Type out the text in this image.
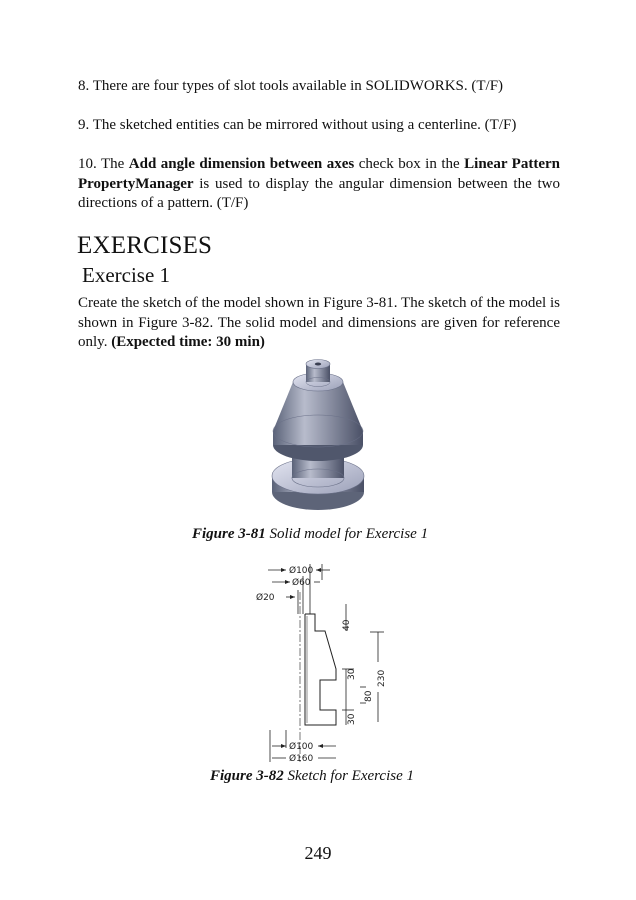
8. There are four types of slot tools available in SOLIDWORKS. (T/F)

9. The sketched entities can be mirrored without using a centerline. (T/F)

10. The Add angle dimension between axes check box in the Linear Pattern PropertyManager is used to display the angular dimension between the two directions of a pattern. (T/F)

EXERCISES
Exercise 1

Create the sketch of the model shown in Figure 3-81. The sketch of the model is shown in Figure 3-82. The solid model and dimensions are given for reference only. (Expected time: 30 min)

Figure 3-81 Solid model for Exercise 1

Ø100
Ø60
Ø20
40
30
80
230
30
Ø100
Ø160

Figure 3-82 Sketch for Exercise 1

249
